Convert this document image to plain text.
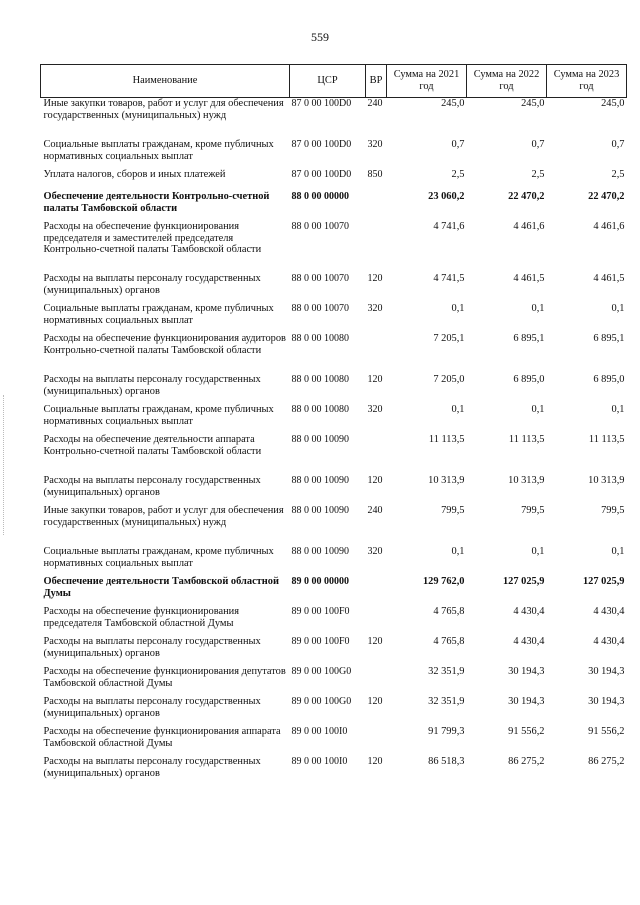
559
Наименование	ЦСР	ВР	Сумма на 2021 год	Сумма на 2022 год	Сумма на 2023 год
Иные закупки товаров, работ и услуг для обеспечения государственных (муниципальных) нужд	87 0 00 100D0	240	245,0	245,0	245,0
Социальные выплаты гражданам, кроме публичных нормативных социальных выплат	87 0 00 100D0	320	0,7	0,7	0,7
Уплата налогов, сборов и иных платежей	87 0 00 100D0	850	2,5	2,5	2,5
Обеспечение деятельности Контрольно-счетной палаты Тамбовской области	88 0 00 00000		23 060,2	22 470,2	22 470,2
Расходы на обеспечение функционирования председателя и заместителей председателя Контрольно-счетной палаты Тамбовской области	88 0 00 10070		4 741,6	4 461,6	4 461,6
Расходы на выплаты персоналу государственных (муниципальных) органов	88 0 00 10070	120	4 741,5	4 461,5	4 461,5
Социальные выплаты гражданам, кроме публичных нормативных социальных выплат	88 0 00 10070	320	0,1	0,1	0,1
Расходы на обеспечение функционирования аудиторов Контрольно-счетной палаты Тамбовской области	88 0 00 10080		7 205,1	6 895,1	6 895,1
Расходы на выплаты персоналу государственных (муниципальных) органов	88 0 00 10080	120	7 205,0	6 895,0	6 895,0
Социальные выплаты гражданам, кроме публичных нормативных социальных выплат	88 0 00 10080	320	0,1	0,1	0,1
Расходы на обеспечение деятельности аппарата Контрольно-счетной палаты Тамбовской области	88 0 00 10090		11 113,5	11 113,5	11 113,5
Расходы на выплаты персоналу государственных (муниципальных) органов	88 0 00 10090	120	10 313,9	10 313,9	10 313,9
Иные закупки товаров, работ и услуг для обеспечения государственных (муниципальных) нужд	88 0 00 10090	240	799,5	799,5	799,5
Социальные выплаты гражданам, кроме публичных нормативных социальных выплат	88 0 00 10090	320	0,1	0,1	0,1
Обеспечение деятельности Тамбовской областной Думы	89 0 00 00000		129 762,0	127 025,9	127 025,9
Расходы на обеспечение функционирования председателя Тамбовской областной Думы	89 0 00 100F0		4 765,8	4 430,4	4 430,4
Расходы на выплаты персоналу государственных (муниципальных) органов	89 0 00 100F0	120	4 765,8	4 430,4	4 430,4
Расходы на обеспечение функционирования депутатов Тамбовской областной Думы	89 0 00 100G0		32 351,9	30 194,3	30 194,3
Расходы на выплаты персоналу государственных (муниципальных) органов	89 0 00 100G0	120	32 351,9	30 194,3	30 194,3
Расходы на обеспечение функционирования аппарата Тамбовской областной Думы	89 0 00 100I0		91 799,3	91 556,2	91 556,2
Расходы на выплаты персоналу государственных (муниципальных) органов	89 0 00 100I0	120	86 518,3	86 275,2	86 275,2
